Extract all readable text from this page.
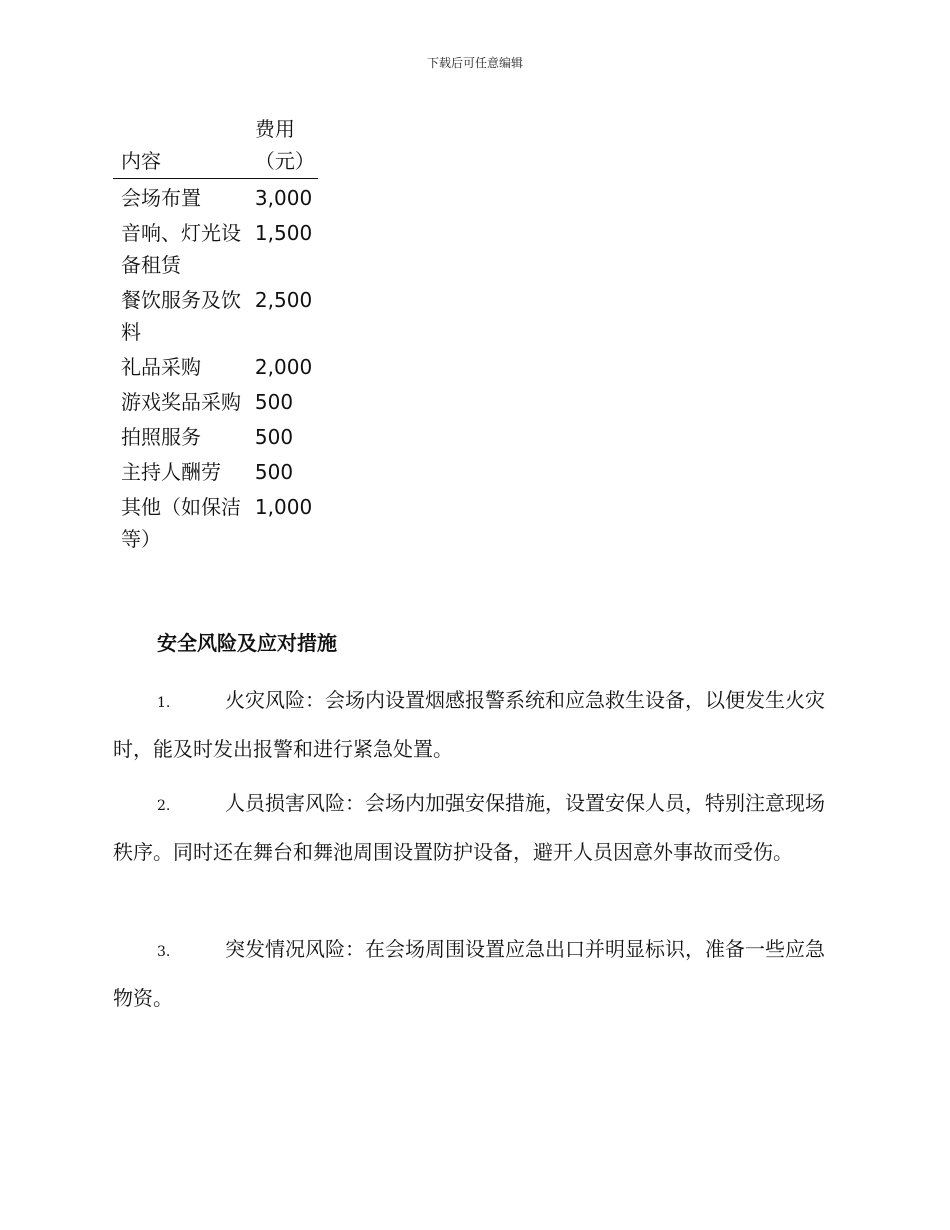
下载后可任意编辑
内容	费用（元）
会场布置	3,000
音响、灯光设备租赁	1,500
餐饮服务及饮料	2,500
礼品采购	2,000
游戏奖品采购	500
拍照服务	500
主持人酬劳	500
其他（如保洁等）	1,000
安全风险及应对措施
1.	火灾风险：会场内设置烟感报警系统和应急救生设备，以便发生火灾时，能及时发出报警和进行紧急处置。
2.	人员损害风险：会场内加强安保措施，设置安保人员，特别注意现场秩序。同时还在舞台和舞池周围设置防护设备，避开人员因意外事故而受伤。
3.	突发情况风险：在会场周围设置应急出口并明显标识，准备一些应急物资。
